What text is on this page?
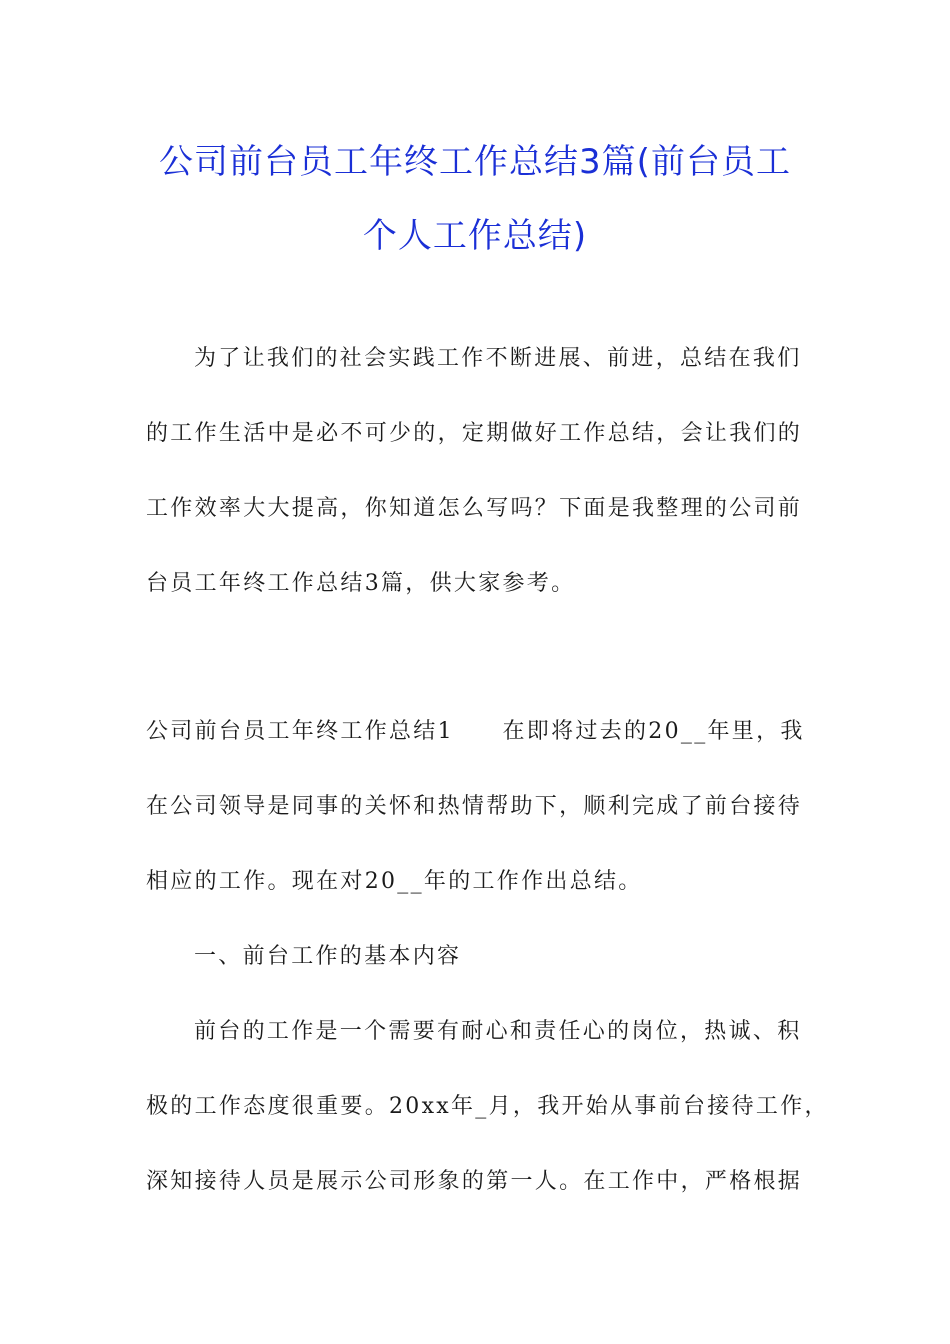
公司前台员工年终工作总结3篇(前台员工
个人工作总结)
为了让我们的社会实践工作不断进展、前进，总结在我们
的工作生活中是必不可少的，定期做好工作总结，会让我们的
工作效率大大提高，你知道怎么写吗？下面是我整理的公司前
台员工年终工作总结3篇，供大家参考。
公司前台员工年终工作总结1　　在即将过去的20__年里，我
在公司领导是同事的关怀和热情帮助下，顺利完成了前台接待
相应的工作。现在对20__年的工作作出总结。
一、前台工作的基本内容
前台的工作是一个需要有耐心和责任心的岗位，热诚、积
极的工作态度很重要。20xx年_月，我开始从事前台接待工作，
深知接待人员是展示公司形象的第一人。在工作中，严格根据
